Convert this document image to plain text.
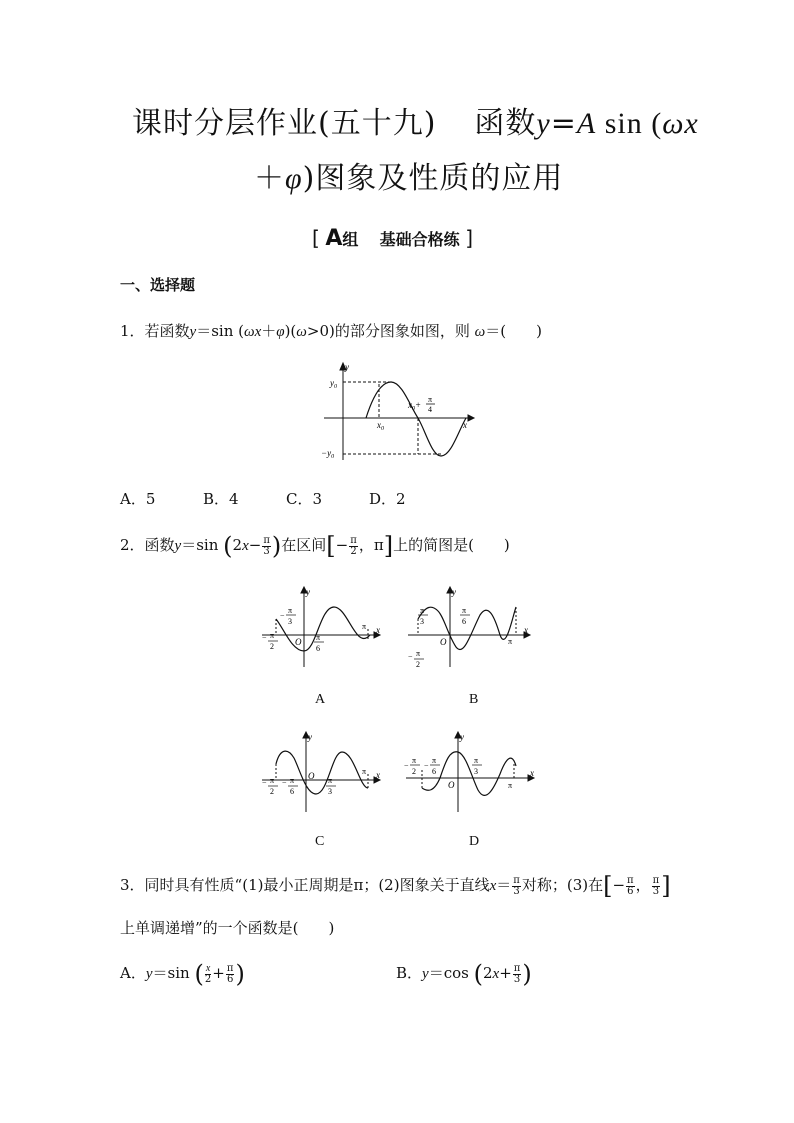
课时分层作业(五十九) 函数y=A sin (ωx
＋φ)图象及性质的应用
[ A组 基础合格练 ]
一、选择题
1．若函数y＝sin (ωx＋φ)(ω>0)的部分图象如图，则 ω＝(　　)
y
x
$y_0$
$-y_0$
$x_0$
$x_0+$
π
4
A．5	B．4	C．3	D．2
2．函数y＝sin ($2x- \frac{\pi}{3}$ )在区间[− $\frac{\pi}{2}$ ，π]上的简图是(　　)
y
x
O
−
π
3
− π
2
π
6
π
A
y
x
O
π
3
π
6
− π
2
π
B
y
x
O
− π
2
− π
6
π
3
π
C
y
x
O
−
π
2
−
π
6
π
3
π
D
3．同时具有性质“(1)最小正周期是π；(2)图象关于直线$x= \frac{\pi}{3}$ 对称；(3)在[− $\frac{\pi}{6}$ ， $\frac{\pi}{3}$ ]
上单调递增”的一个函数是(　　)
A．y＝sin ( $\frac{x}{2} + \frac{\pi}{6}$ )	B．y＝cos ($2x+ \frac{\pi}{3}$ )
